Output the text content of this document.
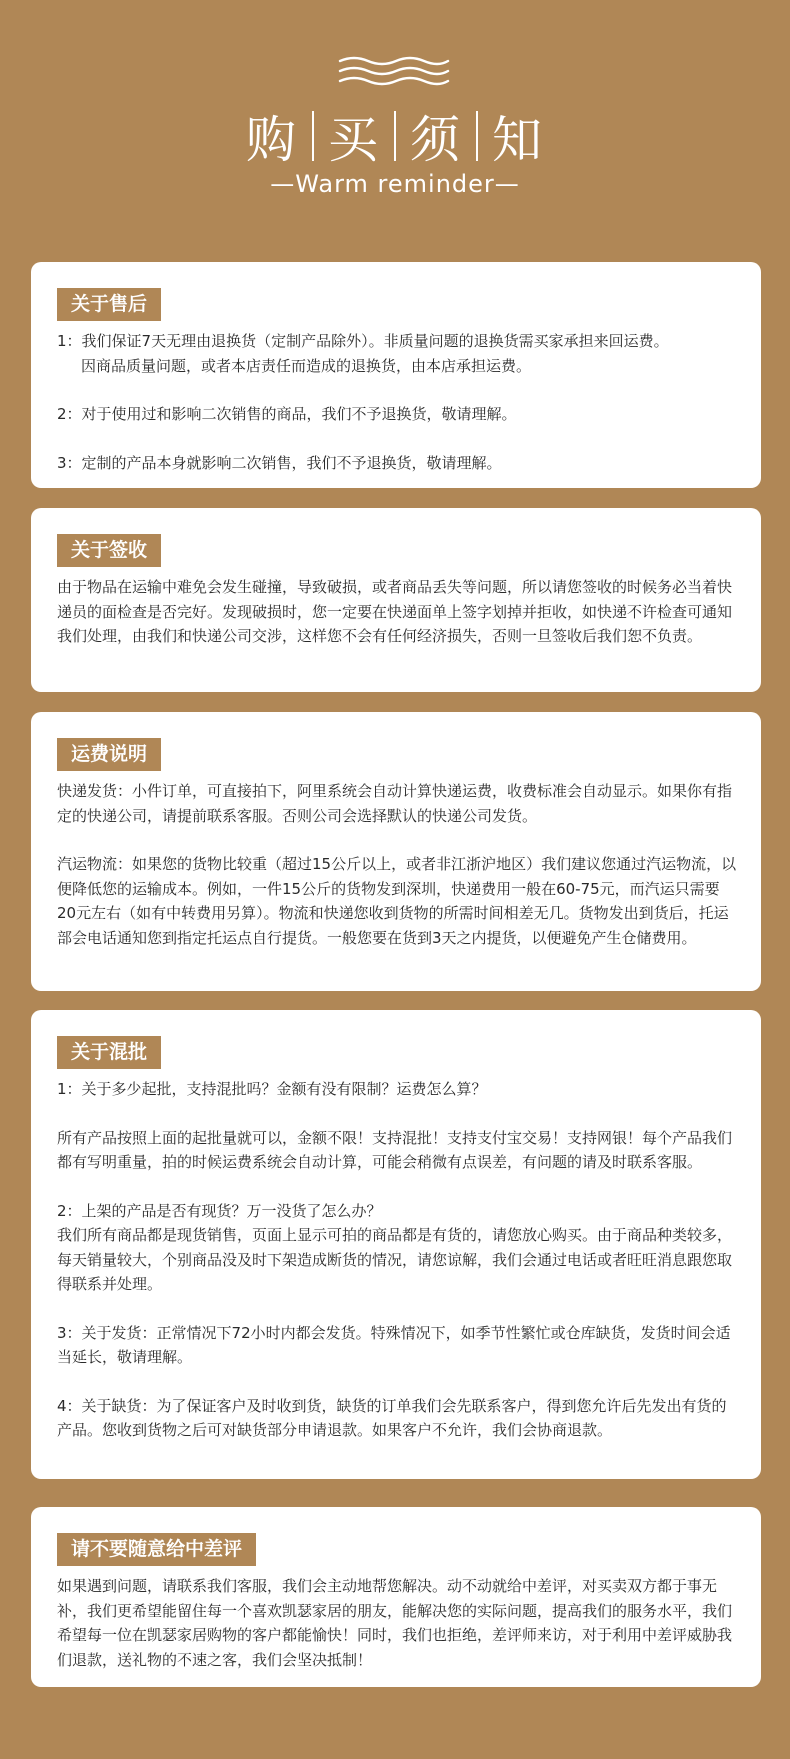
购 买 须 知
—Warm reminder—
关于售后

1：我们保证7天无理由退换货（定制产品除外）。非质量问题的退换货需买家承担来回运费。

因商品质量问题，或者本店责任而造成的退换货，由本店承担运费。

2：对于使用过和影响二次销售的商品，我们不予退换货，敬请理解。

3：定制的产品本身就影响二次销售，我们不予退换货，敬请理解。

关于签收

由于物品在运输中难免会发生碰撞，导致破损，或者商品丢失等问题，所以请您签收的时候务必当着快递员的面检查是否完好。发现破损时，您一定要在快递面单上签字划掉并拒收，如快递不许检查可通知我们处理，由我们和快递公司交涉，这样您不会有任何经济损失，否则一旦签收后我们恕不负责。

运费说明

快递发货：小件订单，可直接拍下，阿里系统会自动计算快递运费，收费标准会自动显示。如果你有指定的快递公司，请提前联系客服。否则公司会选择默认的快递公司发货。

汽运物流：如果您的货物比较重（超过15公斤以上，或者非江浙沪地区）我们建议您通过汽运物流，以便降低您的运输成本。例如，一件15公斤的货物发到深圳，快递费用一般在60-75元，而汽运只需要20元左右（如有中转费用另算）。物流和快递您收到货物的所需时间相差无几。货物发出到货后，托运部会电话通知您到指定托运点自行提货。一般您要在货到3天之内提货，以便避免产生仓储费用。

关于混批

1：关于多少起批，支持混批吗？金额有没有限制？运费怎么算？

所有产品按照上面的起批量就可以，金额不限！支持混批！支持支付宝交易！支持网银！每个产品我们都有写明重量，拍的时候运费系统会自动计算，可能会稍微有点误差，有问题的请及时联系客服。

2：上架的产品是否有现货？万一没货了怎么办？

我们所有商品都是现货销售，页面上显示可拍的商品都是有货的，请您放心购买。由于商品种类较多，每天销量较大，个别商品没及时下架造成断货的情况，请您谅解，我们会通过电话或者旺旺消息跟您取得联系并处理。

3：关于发货：正常情况下72小时内都会发货。特殊情况下，如季节性繁忙或仓库缺货，发货时间会适当延长，敬请理解。

4：关于缺货：为了保证客户及时收到货，缺货的订单我们会先联系客户，得到您允许后先发出有货的产品。您收到货物之后可对缺货部分申请退款。如果客户不允许，我们会协商退款。

请不要随意给中差评

如果遇到问题，请联系我们客服，我们会主动地帮您解决。动不动就给中差评，对买卖双方都于事无补，我们更希望能留住每一个喜欢凯瑟家居的朋友，能解决您的实际问题，提高我们的服务水平，我们希望每一位在凯瑟家居购物的客户都能愉快！同时，我们也拒绝，差评师来访，对于利用中差评威胁我们退款，送礼物的不速之客，我们会坚决抵制！
